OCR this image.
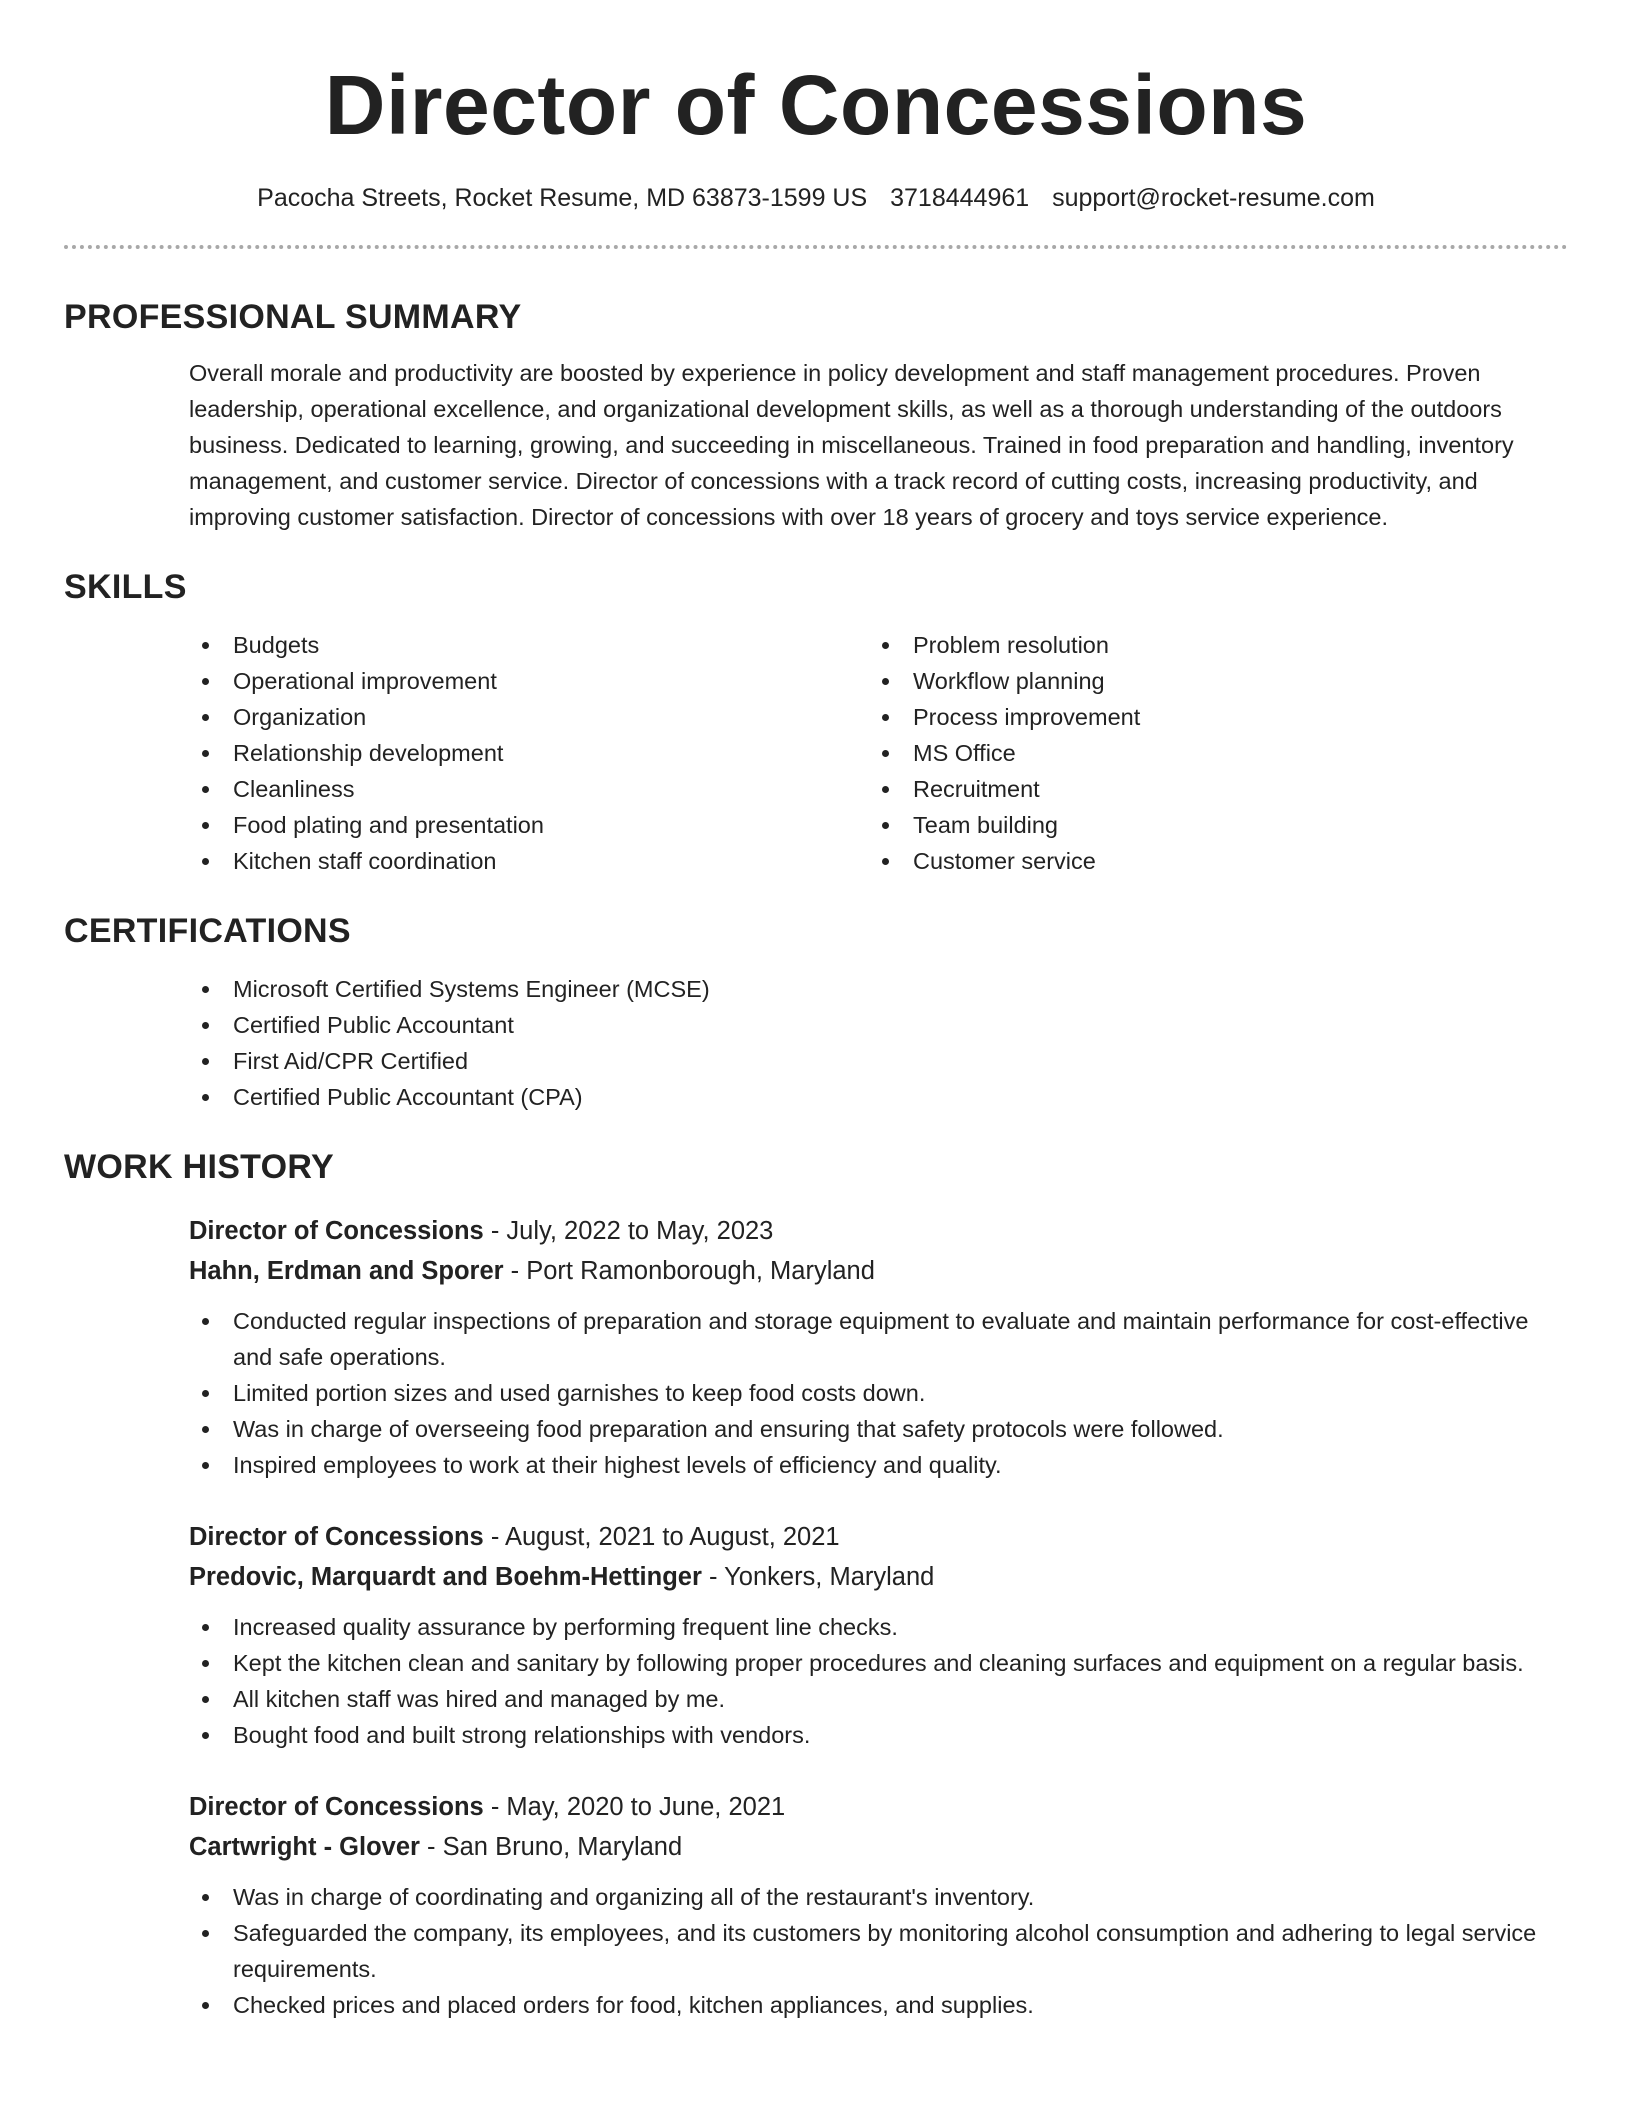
Director of Concessions
Pacocha Streets, Rocket Resume, MD 63873-1599 US 3718444961 support@rocket-resume.com
PROFESSIONAL SUMMARY

Overall morale and productivity are boosted by experience in policy development and staff management procedures. Proven leadership, operational excellence, and organizational development skills, as well as a thorough understanding of the outdoors business. Dedicated to learning, growing, and succeeding in miscellaneous. Trained in food preparation and handling, inventory management, and customer service. Director of concessions with a track record of cutting costs, increasing productivity, and improving customer satisfaction. Director of concessions with over 18 years of grocery and toys service experience.

SKILLS
Budgets
Operational improvement
Organization
Relationship development
Cleanliness
Food plating and presentation
Kitchen staff coordination
Problem resolution
Workflow planning
Process improvement
MS Office
Recruitment
Team building
Customer service
CERTIFICATIONS
Microsoft Certified Systems Engineer (MCSE)
Certified Public Accountant
First Aid/CPR Certified
Certified Public Accountant (CPA)
WORK HISTORY
Director of Concessions - July, 2022 to May, 2023
Hahn, Erdman and Sporer - Port Ramonborough, Maryland
Conducted regular inspections of preparation and storage equipment to evaluate and maintain performance for cost-effective and safe operations.
Limited portion sizes and used garnishes to keep food costs down.
Was in charge of overseeing food preparation and ensuring that safety protocols were followed.
Inspired employees to work at their highest levels of efficiency and quality.
Director of Concessions - August, 2021 to August, 2021
Predovic, Marquardt and Boehm-Hettinger - Yonkers, Maryland
Increased quality assurance by performing frequent line checks.
Kept the kitchen clean and sanitary by following proper procedures and cleaning surfaces and equipment on a regular basis.
All kitchen staff was hired and managed by me.
Bought food and built strong relationships with vendors.
Director of Concessions - May, 2020 to June, 2021
Cartwright - Glover - San Bruno, Maryland
Was in charge of coordinating and organizing all of the restaurant's inventory.
Safeguarded the company, its employees, and its customers by monitoring alcohol consumption and adhering to legal service requirements.
Checked prices and placed orders for food, kitchen appliances, and supplies.
